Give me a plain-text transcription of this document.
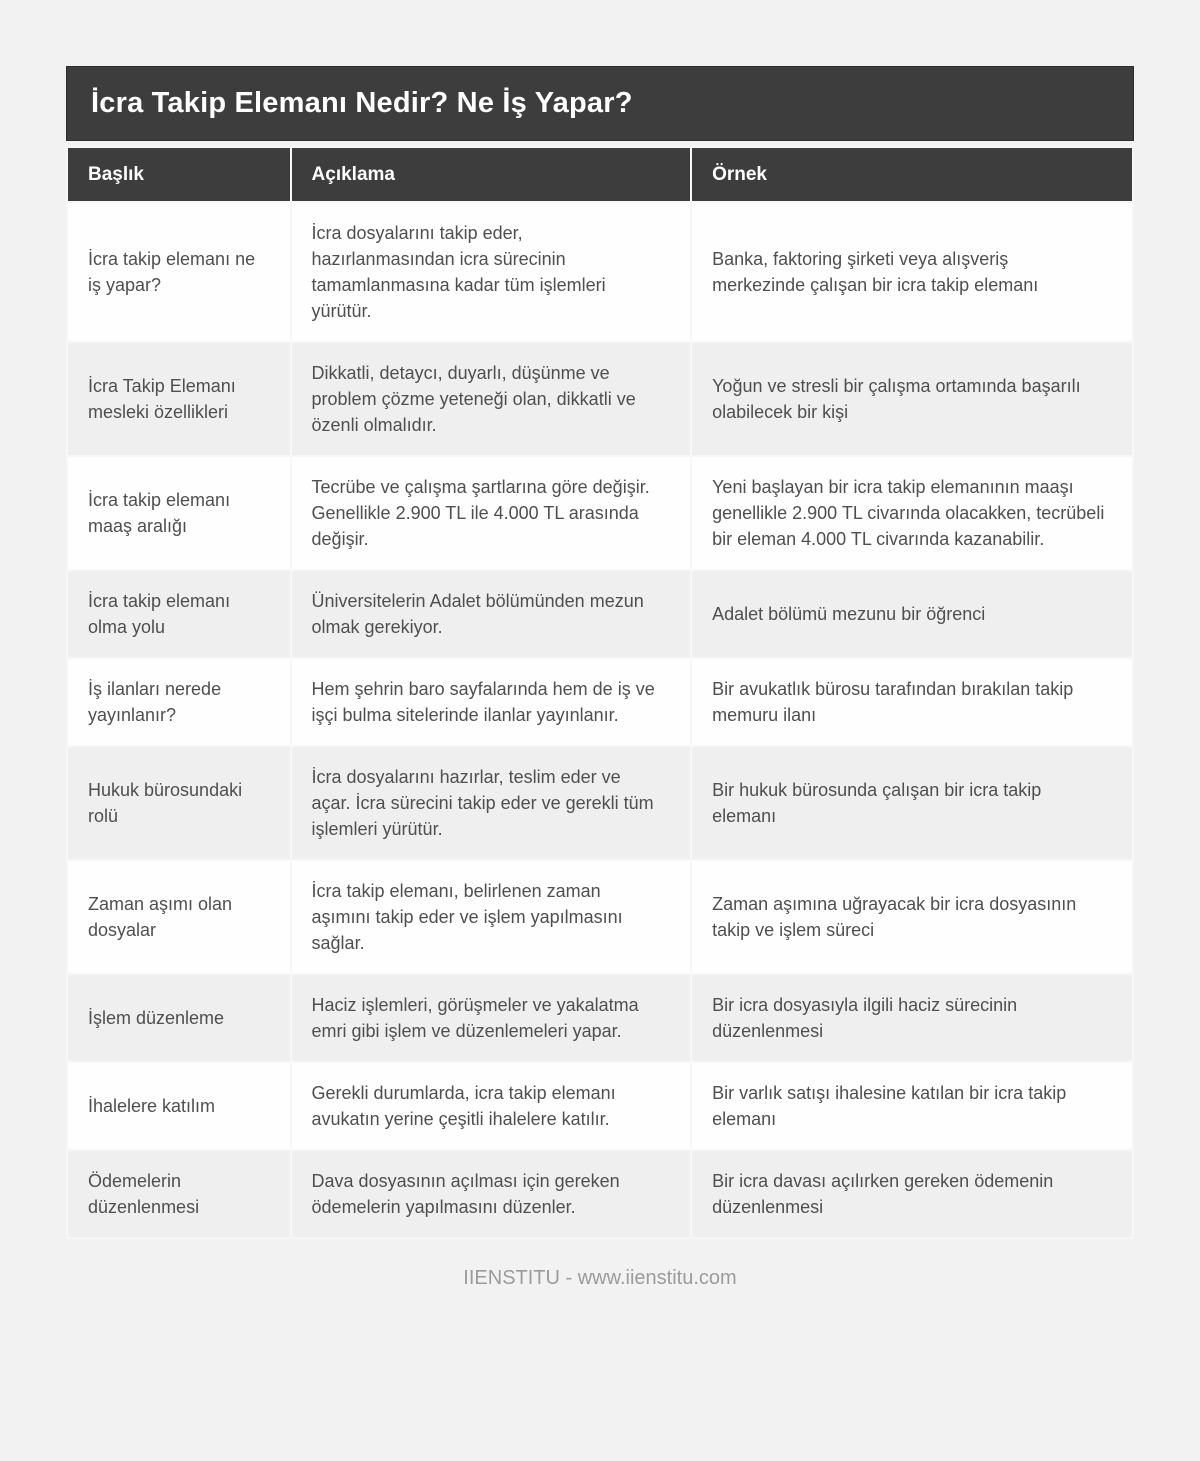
İcra Takip Elemanı Nedir? Ne İş Yapar?
Başlık	Açıklama	Örnek
İcra takip elemanı ne iş yapar?	İcra dosyalarını takip eder, hazırlanmasından icra sürecinin tamamlanmasına kadar tüm işlemleri yürütür.	Banka, faktoring şirketi veya alışveriş merkezinde çalışan bir icra takip elemanı
İcra Takip Elemanı mesleki özellikleri	Dikkatli, detaycı, duyarlı, düşünme ve problem çözme yeteneği olan, dikkatli ve özenli olmalıdır.	Yoğun ve stresli bir çalışma ortamında başarılı olabilecek bir kişi
İcra takip elemanı maaş aralığı	Tecrübe ve çalışma şartlarına göre değişir. Genellikle 2.900 TL ile 4.000 TL arasında değişir.	Yeni başlayan bir icra takip elemanının maaşı genellikle 2.900 TL civarında olacakken, tecrübeli bir eleman 4.000 TL civarında kazanabilir.
İcra takip elemanı olma yolu	Üniversitelerin Adalet bölümünden mezun olmak gerekiyor.	Adalet bölümü mezunu bir öğrenci
İş ilanları nerede yayınlanır?	Hem şehrin baro sayfalarında hem de iş ve işçi bulma sitelerinde ilanlar yayınlanır.	Bir avukatlık bürosu tarafından bırakılan takip memuru ilanı
Hukuk bürosundaki rolü	İcra dosyalarını hazırlar, teslim eder ve açar. İcra sürecini takip eder ve gerekli tüm işlemleri yürütür.	Bir hukuk bürosunda çalışan bir icra takip elemanı
Zaman aşımı olan dosyalar	İcra takip elemanı, belirlenen zaman aşımını takip eder ve işlem yapılmasını sağlar.	Zaman aşımına uğrayacak bir icra dosyasının takip ve işlem süreci
İşlem düzenleme	Haciz işlemleri, görüşmeler ve yakalatma emri gibi işlem ve düzenlemeleri yapar.	Bir icra dosyasıyla ilgili haciz sürecinin düzenlenmesi
İhalelere katılım	Gerekli durumlarda, icra takip elemanı avukatın yerine çeşitli ihalelere katılır.	Bir varlık satışı ihalesine katılan bir icra takip elemanı
Ödemelerin düzenlenmesi	Dava dosyasının açılması için gereken ödemelerin yapılmasını düzenler.	Bir icra davası açılırken gereken ödemenin düzenlenmesi
IIENSTITU - www.iienstitu.com
